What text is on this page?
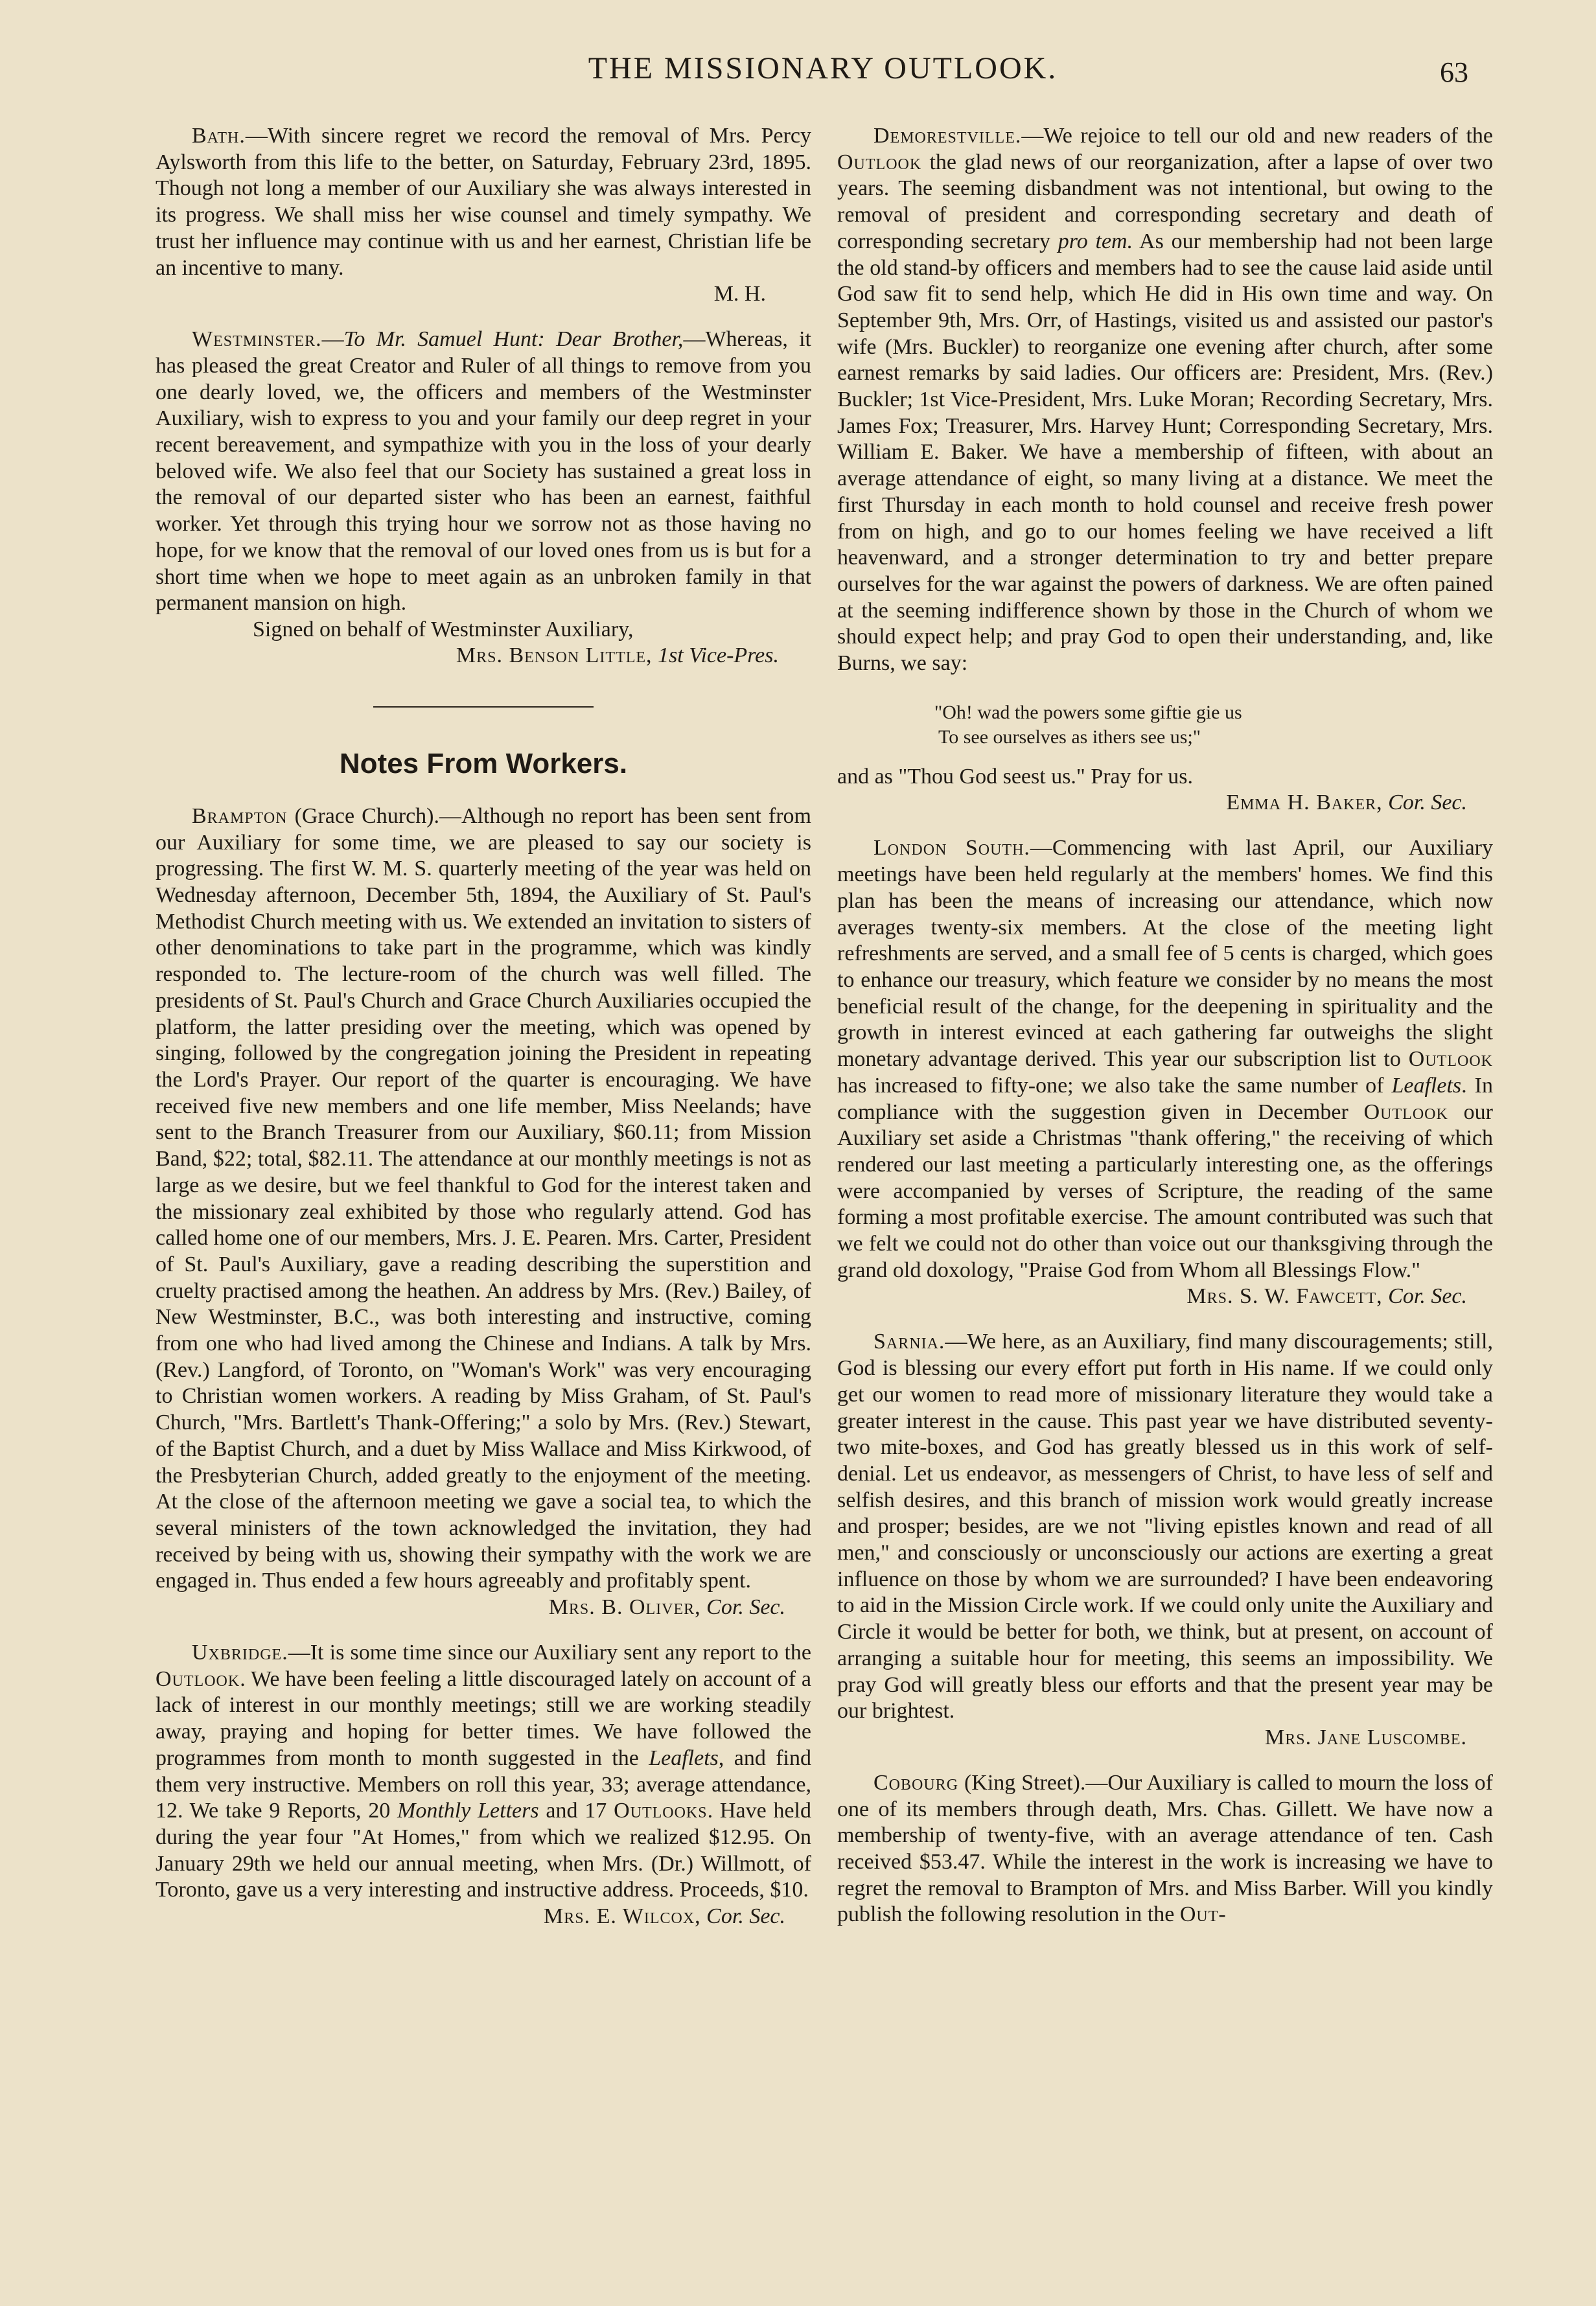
THE MISSIONARY OUTLOOK.	63

Bath.—With sincere regret we record the removal of Mrs. Percy Aylsworth from this life to the better, on Saturday, February 23rd, 1895. Though not long a member of our Auxiliary she was always interested in its progress. We shall miss her wise counsel and timely sympathy. We trust her influence may continue with us and her earnest, Christian life be an incentive to many.

M. H.

Westminster.—To Mr. Samuel Hunt: Dear Brother,—Whereas, it has pleased the great Creator and Ruler of all things to remove from you one dearly loved, we, the officers and members of the Westminster Auxiliary, wish to express to you and your family our deep regret in your recent bereavement, and sympathize with you in the loss of your dearly beloved wife. We also feel that our Society has sustained a great loss in the removal of our departed sister who has been an earnest, faithful worker. Yet through this trying hour we sorrow not as those having no hope, for we know that the removal of our loved ones from us is but for a short time when we hope to meet again as an unbroken family in that permanent mansion on high.

Signed on behalf of Westminster Auxiliary,

Mrs. Benson Little, 1st Vice-Pres.

Notes From Workers.

Brampton (Grace Church).—Although no report has been sent from our Auxiliary for some time, we are pleased to say our society is progressing. The first W. M. S. quarterly meeting of the year was held on Wednesday afternoon, December 5th, 1894, the Auxiliary of St. Paul's Methodist Church meeting with us. We extended an invitation to sisters of other denominations to take part in the programme, which was kindly responded to. The lecture-room of the church was well filled. The presidents of St. Paul's Church and Grace Church Auxiliaries occupied the platform, the latter presiding over the meeting, which was opened by singing, followed by the congregation joining the President in repeating the Lord's Prayer. Our report of the quarter is encouraging. We have received five new members and one life member, Miss Neelands; have sent to the Branch Treasurer from our Auxiliary, $60.11; from Mission Band, $22; total, $82.11. The attendance at our monthly meetings is not as large as we desire, but we feel thankful to God for the interest taken and the missionary zeal exhibited by those who regularly attend. God has called home one of our members, Mrs. J. E. Pearen. Mrs. Carter, President of St. Paul's Auxiliary, gave a reading describing the superstition and cruelty practised among the heathen. An address by Mrs. (Rev.) Bailey, of New Westminster, B.C., was both interesting and instructive, coming from one who had lived among the Chinese and Indians. A talk by Mrs. (Rev.) Langford, of Toronto, on "Woman's Work" was very encouraging to Christian women workers. A reading by Miss Graham, of St. Paul's Church, "Mrs. Bartlett's Thank-Offering;" a solo by Mrs. (Rev.) Stewart, of the Baptist Church, and a duet by Miss Wallace and Miss Kirkwood, of the Presbyterian Church, added greatly to the enjoyment of the meeting. At the close of the afternoon meeting we gave a social tea, to which the several ministers of the town acknowledged the invitation, they had received by being with us, showing their sympathy with the work we are engaged in. Thus ended a few hours agreeably and profitably spent.

Mrs. B. Oliver, Cor. Sec.

Uxbridge.—It is some time since our Auxiliary sent any report to the Outlook. We have been feeling a little discouraged lately on account of a lack of interest in our monthly meetings; still we are working steadily away, praying and hoping for better times. We have followed the programmes from month to month suggested in the Leaflets, and find them very instructive. Members on roll this year, 33; average attendance, 12. We take 9 Reports, 20 Monthly Letters and 17 Outlooks. Have held during the year four "At Homes," from which we realized $12.95. On January 29th we held our annual meeting, when Mrs. (Dr.) Willmott, of Toronto, gave us a very interesting and instructive address. Proceeds, $10.

Mrs. E. Wilcox, Cor. Sec.

Demorestville.—We rejoice to tell our old and new readers of the Outlook the glad news of our reorganization, after a lapse of over two years. The seeming disbandment was not intentional, but owing to the removal of president and corresponding secretary and death of corresponding secretary pro tem. As our membership had not been large the old stand-by officers and members had to see the cause laid aside until God saw fit to send help, which He did in His own time and way. On September 9th, Mrs. Orr, of Hastings, visited us and assisted our pastor's wife (Mrs. Buckler) to reorganize one evening after church, after some earnest remarks by said ladies. Our officers are: President, Mrs. (Rev.) Buckler; 1st Vice-President, Mrs. Luke Moran; Recording Secretary, Mrs. James Fox; Treasurer, Mrs. Harvey Hunt; Corresponding Secretary, Mrs. William E. Baker. We have a membership of fifteen, with about an average attendance of eight, so many living at a distance. We meet the first Thursday in each month to hold counsel and receive fresh power from on high, and go to our homes feeling we have received a lift heavenward, and a stronger determination to try and better prepare ourselves for the war against the powers of darkness. We are often pained at the seeming indifference shown by those in the Church of whom we should expect help; and pray God to open their understanding, and, like Burns, we say:

"Oh! wad the powers some giftie gie us
To see ourselves as ithers see us;"

and as "Thou God seest us." Pray for us.

Emma H. Baker, Cor. Sec.

London South.—Commencing with last April, our Auxiliary meetings have been held regularly at the members' homes. We find this plan has been the means of increasing our attendance, which now averages twenty-six members. At the close of the meeting light refreshments are served, and a small fee of 5 cents is charged, which goes to enhance our treasury, which feature we consider by no means the most beneficial result of the change, for the deepening in spirituality and the growth in interest evinced at each gathering far outweighs the slight monetary advantage derived. This year our subscription list to Outlook has increased to fifty-one; we also take the same number of Leaflets. In compliance with the suggestion given in December Outlook our Auxiliary set aside a Christmas "thank offering," the receiving of which rendered our last meeting a particularly interesting one, as the offerings were accompanied by verses of Scripture, the reading of the same forming a most profitable exercise. The amount contributed was such that we felt we could not do other than voice out our thanksgiving through the grand old doxology, "Praise God from Whom all Blessings Flow."

Mrs. S. W. Fawcett, Cor. Sec.

Sarnia.—We here, as an Auxiliary, find many discouragements; still, God is blessing our every effort put forth in His name. If we could only get our women to read more of missionary literature they would take a greater interest in the cause. This past year we have distributed seventy-two mite-boxes, and God has greatly blessed us in this work of self-denial. Let us endeavor, as messengers of Christ, to have less of self and selfish desires, and this branch of mission work would greatly increase and prosper; besides, are we not "living epistles known and read of all men," and consciously or unconsciously our actions are exerting a great influence on those by whom we are surrounded? I have been endeavoring to aid in the Mission Circle work. If we could only unite the Auxiliary and Circle it would be better for both, we think, but at present, on account of arranging a suitable hour for meeting, this seems an impossibility. We pray God will greatly bless our efforts and that the present year may be our brightest.

Mrs. Jane Luscombe.

Cobourg (King Street).—Our Auxiliary is called to mourn the loss of one of its members through death, Mrs. Chas. Gillett. We have now a membership of twenty-five, with an average attendance of ten. Cash received $53.47. While the interest in the work is increasing we have to regret the removal to Brampton of Mrs. and Miss Barber. Will you kindly publish the following resolution in the Out-
